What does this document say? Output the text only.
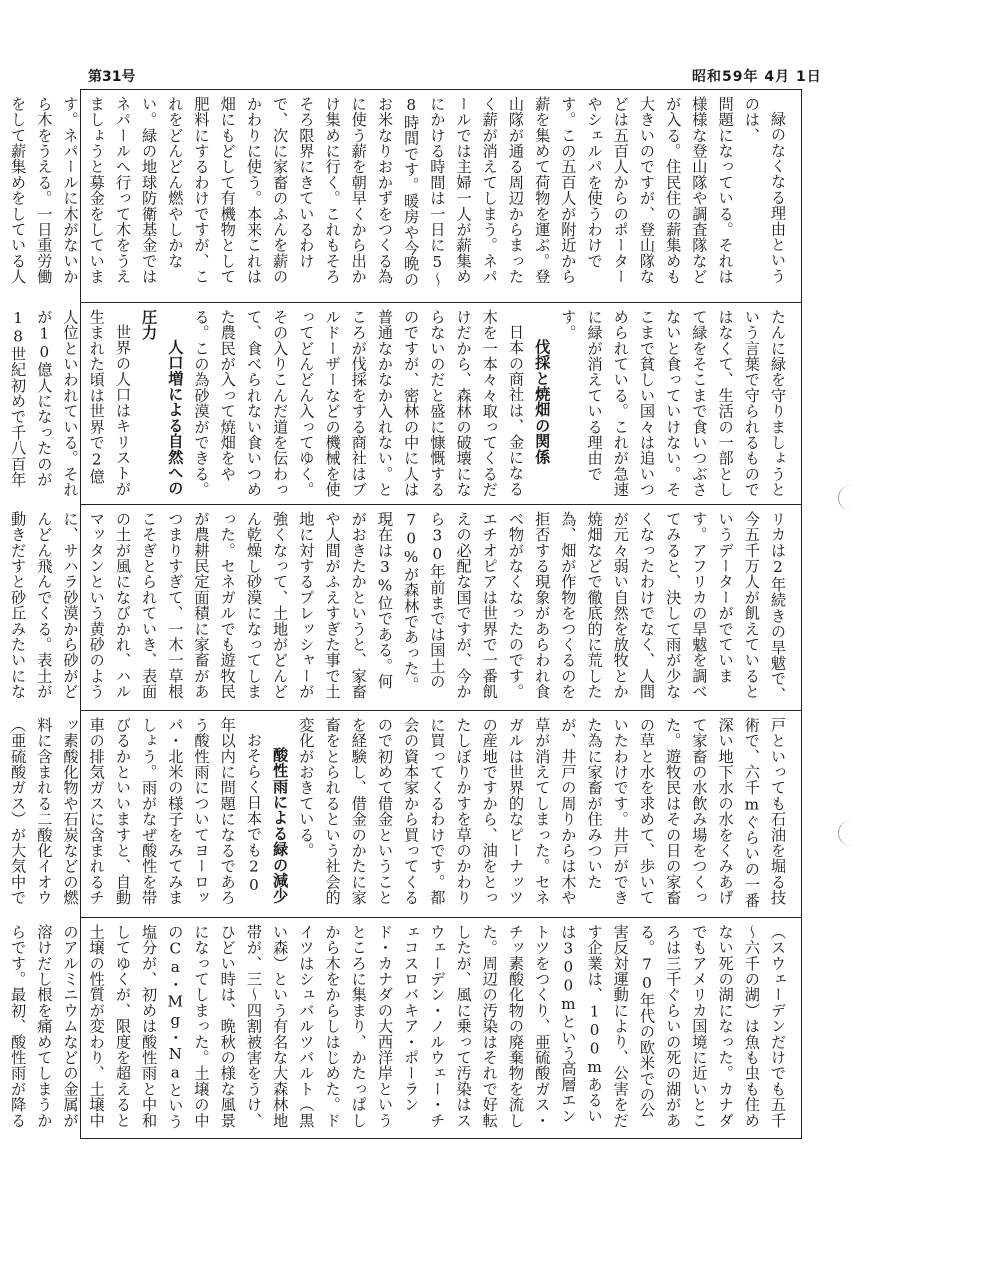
第31号	昭和59年 4月 1日

緑のなくなる理由というのは、

問題になっている。それは様様な登山隊や調査隊などが入る。住民住の薪集めも大きいのですが、登山隊などは五百人からのポーターやシェルパを使うわけです。この五百人が附近から薪を集めて荷物を運ぶ。登山隊が通る周辺からまったく薪が消えてしまう。ネパールでは主婦一人が薪集めにかける時間は一日に5～8時間です。暖房や今晩のお米なりおかずをつくる為に使う薪を朝早くから出かけ集めに行く。これもそろそろ限界にきているわけで、次に家畜のふんを薪のかわりに使う。本来これは畑にもどして有機物として肥料にするわけですが、これをどんどん燃やしかない。緑の地球防衛基金ではネパールへ行って木をうえましょうと募金をしています。ネパールに木がないから木をうえる。一日重労働をして薪集めをしている人

たんに緑を守りましょうという言葉で守られるものではなくて、生活の一部として緑をそこまで食いつぶさないと食っていけない。そこまで貧しい国々は追いつめられている。これが急速に緑が消えている理由です。

伐採と焼畑の関係

日本の商社は、金になる木を一本々々取ってくるだけだから、森林の破壊にならないのだと盛に慷慨するのですが、密林の中に人は普通なかなか入れない。ところが伐採をする商社はブルドーザーなどの機械を使ってどんどん入ってゆく。その入りこんだ道を伝わって、食べられない食いつめた農民が入って焼畑をやる。この為砂漠ができる。

人口増による自然への圧力

世界の人口はキリストが生まれた頃は世界で2億人位といわれている。それが10億人になったのが18世紀初めで千八百年

リカは2年続きの旱魃で、今五千万人が飢えているというデーターがでています。アフリカの旱魃を調べてみると、決して雨が少なくなったわけでなく、人間が元々弱い自然を放牧とか焼畑などで徹底的に荒した為、畑が作物をつくるのを拒否する現象があらわれ食べ物がなくなったのです。エチオピアは世界で一番飢えの必配な国ですが、今から30年前までは国土の70%が森林であった。現在は3%位である。何がおきたかというと、家畜や人間がふえすぎた事で土地に対するプレッシャーが強くなって、土地がどんどん乾燥し砂漠になってしまった。セネガルでも遊牧民が農耕民定面積に家畜があつまりすぎて、一木一草根こそぎとられていき、表面の土が風になびかれ、ハルマッタンという黄砂のように、サハラ砂漠から砂がどんどん飛んでくる。表土が動きだすと砂丘みたいにな

戸といっても石油を堀る技術で、六千mぐらいの一番深い地下水の水をくみあげて家畜の水飲み場をつくった。遊牧民はその日の家畜の草と水を求めて、歩いていたわけです。井戸ができた為に家畜が住みついたが、井戸の周りからは木や草が消えてしまった。セネガルは世界的なピーナッツの産地ですから、油をとったしぼりかすを草のかわりに買ってくるわけです。都会の資本家から買ってくるので初めて借金ということを経験し、借金のかたに家畜をとられるという社会的変化がおきている。

酸性雨による緑の減少

おそらく日本でも20年以内に問題になるであろう酸性雨についてヨーロッパ・北米の様子をみてみましょう。雨がなぜ酸性を帯びるかといいますと、自動車の排気ガスに含まれるチッ素酸化物や石炭などの燃料に含まれる二酸化イオウ（亜硫酸ガス）が大気中で

（スウェーデンだけでも五千～六千の湖）は魚も虫も住めない死の湖になった。カナダでもアメリカ国境に近いところは三千ぐらいの死の湖がある。70年代の欧米での公害反対運動により、公害をだす企業は、100mあるいは300mという高層エントツをつくり、亜硫酸ガス・チッ素酸化物の廃棄物を流した。周辺の汚染はそれで好転したが、風に乗って汚染はスウェーデン・ノルウェー・チェコスロバキア・ポーランド・カナダの大西洋岸というところに集まり、かたっぱしから木をからしはじめた。ドイツはシュバルツバルト（黒い森）という有名な大森林地帯が、三～四割被害をうけ、ひどい時は、晩秋の様な風景になってしまった。土壌の中のCa・Mg・Naという塩分が、初めは酸性雨と中和してゆくが、限度を超えると土壌の性質が変わり、土壌中のアルミニウムなどの金属が溶けだし根を痛めてしまうからです。最初、酸性雨が降る
